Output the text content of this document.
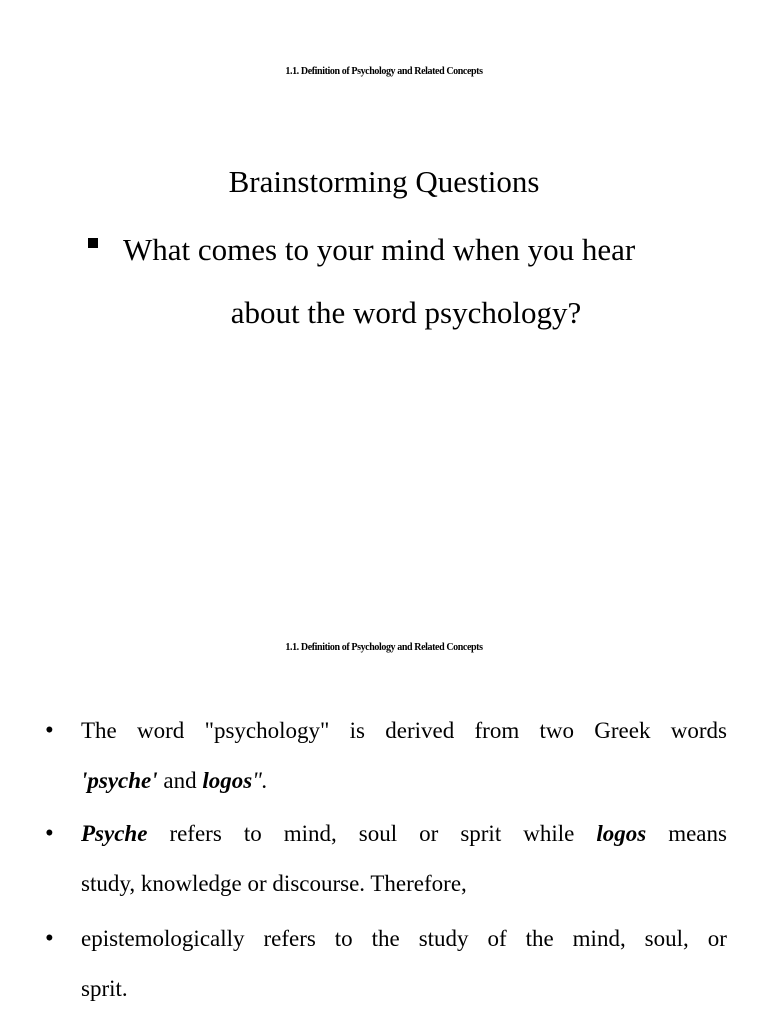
1.1. Definition of Psychology and Related Concepts
Brainstorming Questions
What comes to your mind when you hear
about the word psychology?
1.1. Definition of Psychology and Related Concepts
• The word "psychology" is derived from two Greek words
'psyche' and logos".
• Psyche refers to mind, soul or sprit while logos means
study, knowledge or discourse. Therefore,
• epistemologically refers to the study of the mind, soul, or
sprit.
